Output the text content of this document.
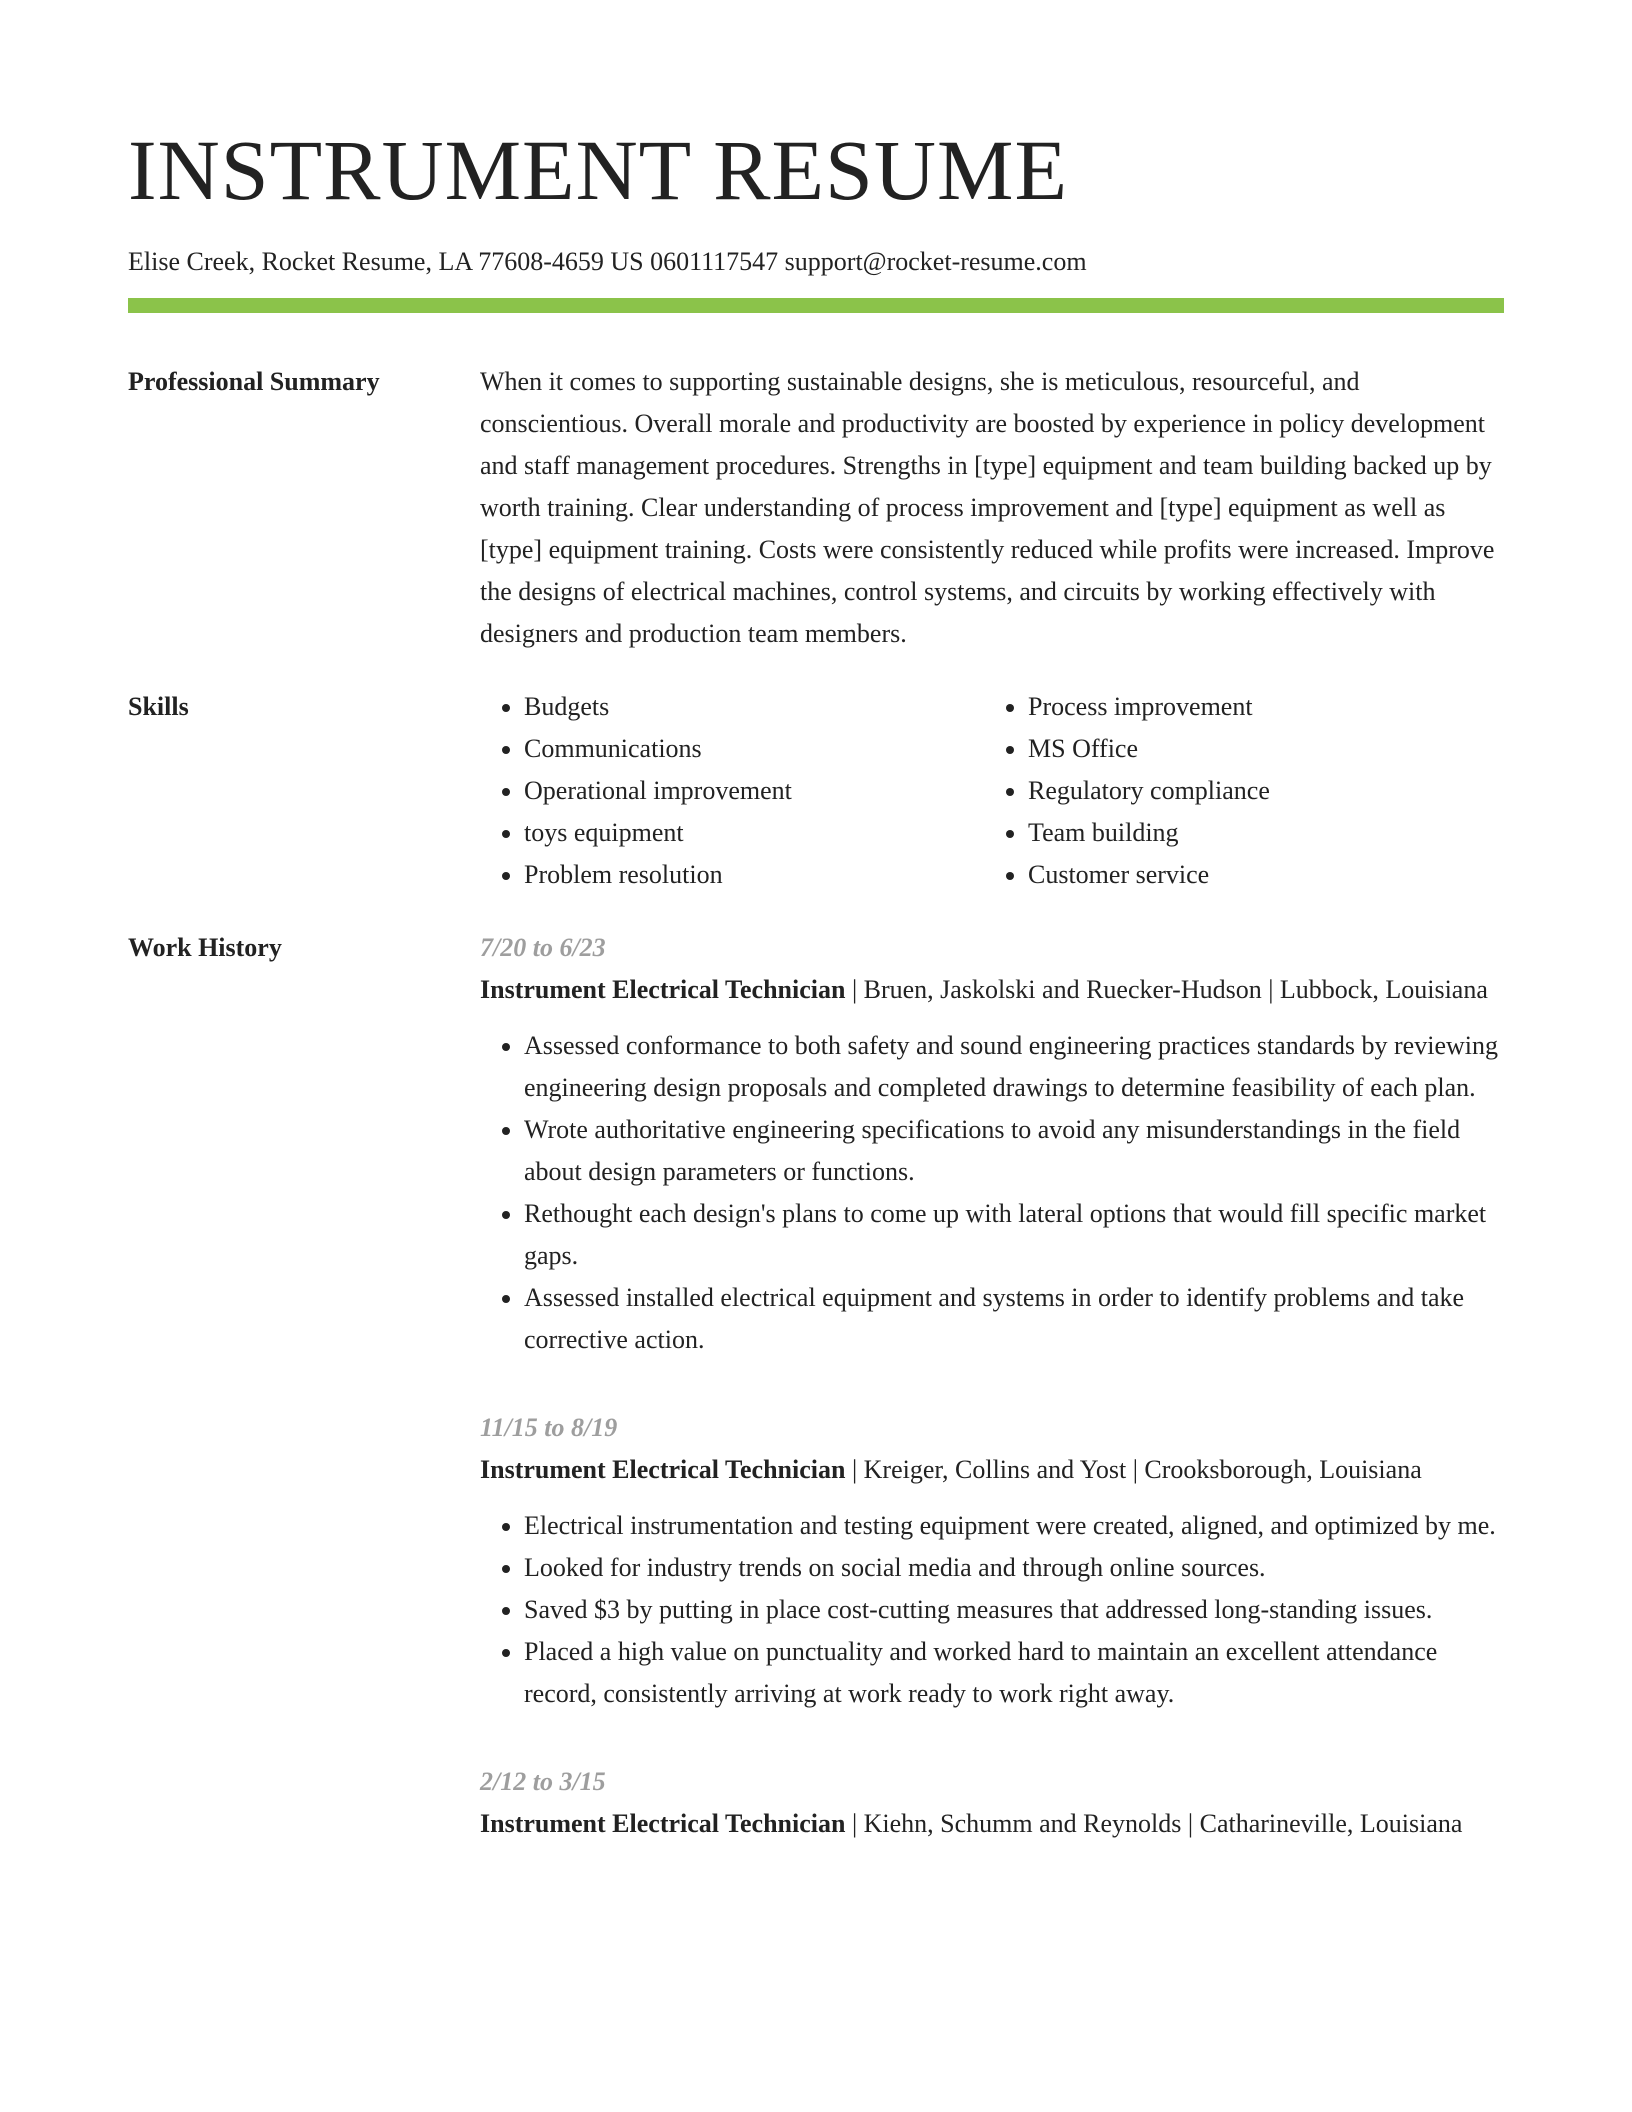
INSTRUMENT RESUME
Elise Creek, Rocket Resume, LA 77608-4659 US 0601117547 support@rocket-resume.com
Professional Summary	When it comes to supporting sustainable designs, she is meticulous, resourceful, and conscientious. Overall morale and productivity are boosted by experience in policy development and staff management procedures. Strengths in [type] equipment and team building backed up by worth training. Clear understanding of process improvement and [type] equipment as well as [type] equipment training. Costs were consistently reduced while profits were increased. Improve the designs of electrical machines, control systems, and circuits by working effectively with designers and production team members.

Skills
•	Budgets
• Communications
• Operational improvement
• toys equipment
• Problem resolution
• Process improvement
• MS Office
• Regulatory compliance
• Team building
• Customer service
Work History	7/20 to 6/23
Instrument Electrical Technician | Bruen, Jaskolski and Ruecker-Hudson | Lubbock, Louisiana
• Assessed conformance to both safety and sound engineering practices standards by reviewing engineering design proposals and completed drawings to determine feasibility of each plan.
• Wrote authoritative engineering specifications to avoid any misunderstandings in the field about design parameters or functions.
• Rethought each design's plans to come up with lateral options that would fill specific market gaps.
• Assessed installed electrical equipment and systems in order to identify problems and take corrective action.
11/15 to 8/19
Instrument Electrical Technician | Kreiger, Collins and Yost | Crooksborough, Louisiana
• Electrical instrumentation and testing equipment were created, aligned, and optimized by me.
• Looked for industry trends on social media and through online sources.
• Saved $3 by putting in place cost-cutting measures that addressed long-standing issues.
• Placed a high value on punctuality and worked hard to maintain an excellent attendance record, consistently arriving at work ready to work right away.
2/12 to 3/15
Instrument Electrical Technician | Kiehn, Schumm and Reynolds | Catharineville, Louisiana
